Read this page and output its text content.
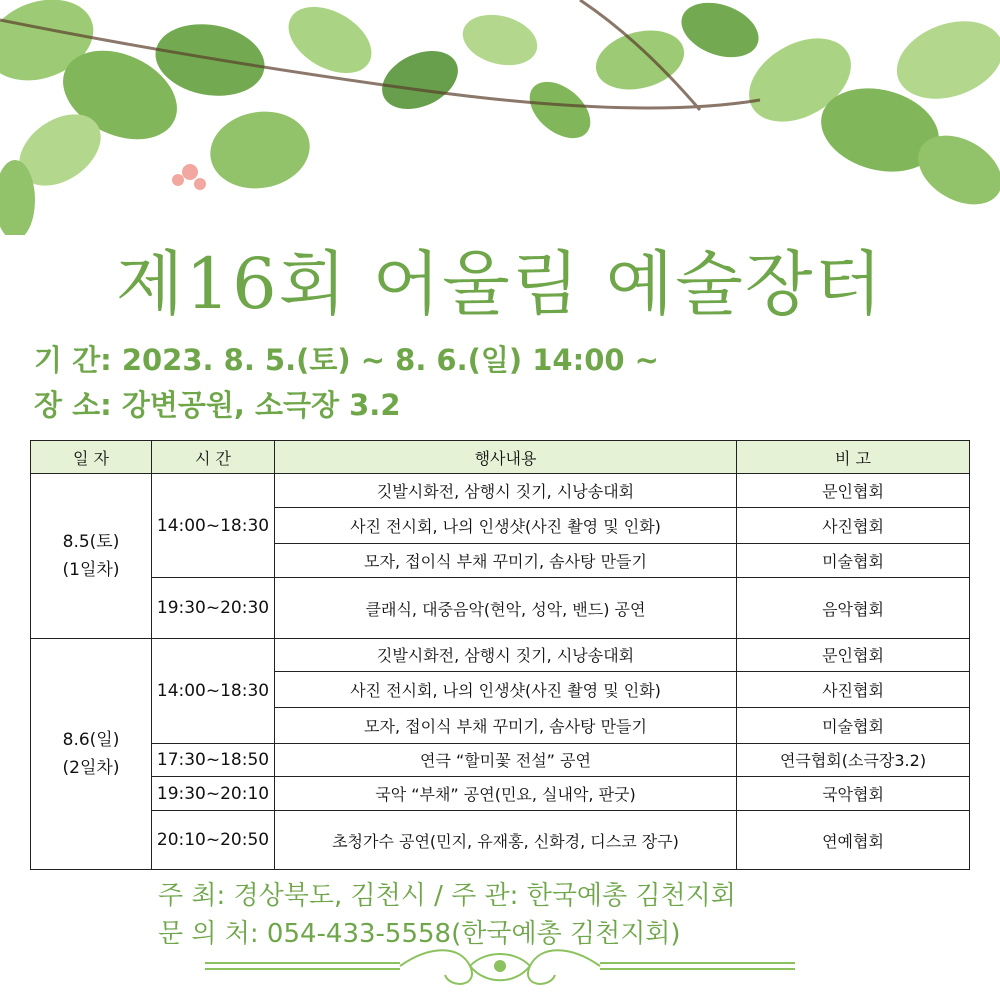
제16회 어울림 예술장터
기 간: 2023. 8. 5.(토) ~ 8. 6.(일) 14:00 ~
장 소: 강변공원, 소극장 3.2
일 자	시 간	행사내용	비 고
8.5(토)
(1일차)	14:00~18:30	깃발시화전, 삼행시 짓기, 시낭송대회	문인협회
		사진 전시회, 나의 인생샷(사진 촬영 및 인화)	사진협회
		모자, 접이식 부채 꾸미기, 솜사탕 만들기	미술협회
	19:30~20:30	클래식, 대중음악(현악, 성악, 밴드) 공연	음악협회
8.6(일)
(2일차)	14:00~18:30	깃발시화전, 삼행시 짓기, 시낭송대회	문인협회
		사진 전시회, 나의 인생샷(사진 촬영 및 인화)	사진협회
		모자, 접이식 부채 꾸미기, 솜사탕 만들기	미술협회
	17:30~18:50	연극 “할미꽃 전설” 공연	연극협회(소극장3.2)
	19:30~20:10	국악 “부채” 공연(민요, 실내악, 판굿)	국악협회
	20:10~20:50	초청가수 공연(민지, 유재홍, 신화경, 디스코 장구)	연예협회
주 최: 경상북도, 김천시 / 주 관: 한국예총 김천지회
문 의 처: 054-433-5558(한국예총 김천지회)
